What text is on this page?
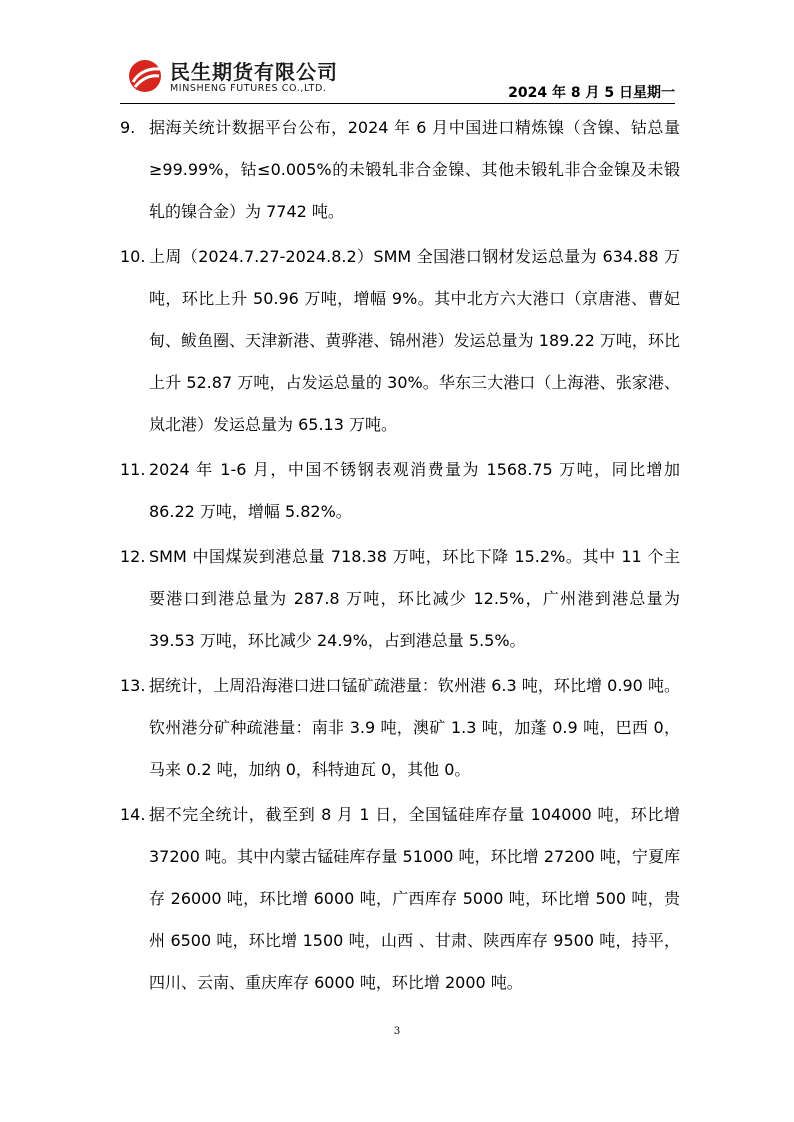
民生期货有限公司
MINSHENG FUTURES CO.,LTD.	2024 年 8 月 5 日星期一
9. 据海关统计数据平台公布，2024 年 6 月中国进口精炼镍（含镍、钴总量≥99.99%，钴≤0.005%的未锻轧非合金镍、其他未锻轧非合金镍及未锻轧的镍合金）为 7742 吨。
10. 上周（2024.7.27-2024.8.2）SMM 全国港口钢材发运总量为 634.88 万吨，环比上升 50.96 万吨，增幅 9%。其中北方六大港口（京唐港、曹妃甸、鲅鱼圈、天津新港、黄骅港、锦州港）发运总量为 189.22 万吨，环比上升 52.87 万吨，占发运总量的 30%。华东三大港口（上海港、张家港、岚北港）发运总量为 65.13 万吨。
11. 2024 年 1-6 月，中国不锈钢表观消费量为 1568.75 万吨，同比增加 86.22 万吨，增幅 5.82%。
12. SMM 中国煤炭到港总量 718.38 万吨，环比下降 15.2%。其中 11 个主要港口到港总量为 287.8 万吨，环比减少 12.5%，广州港到港总量为 39.53 万吨，环比减少 24.9%，占到港总量 5.5%。
13. 据统计，上周沿海港口进口锰矿疏港量：钦州港 6.3 吨，环比增 0.90 吨。钦州港分矿种疏港量：南非 3.9 吨，澳矿 1.3 吨，加蓬 0.9 吨，巴西 0，马来 0.2 吨，加纳 0，科特迪瓦 0，其他 0。
14. 据不完全统计，截至到 8 月 1 日，全国锰硅库存量 104000 吨，环比增 37200 吨。其中内蒙古锰硅库存量 51000 吨，环比增 27200 吨，宁夏库存 26000 吨，环比增 6000 吨，广西库存 5000 吨，环比增 500 吨，贵州 6500 吨，环比增 1500 吨，山西 、甘肃、陕西库存 9500 吨，持平，四川、云南、重庆库存 6000 吨，环比增 2000 吨。
3
